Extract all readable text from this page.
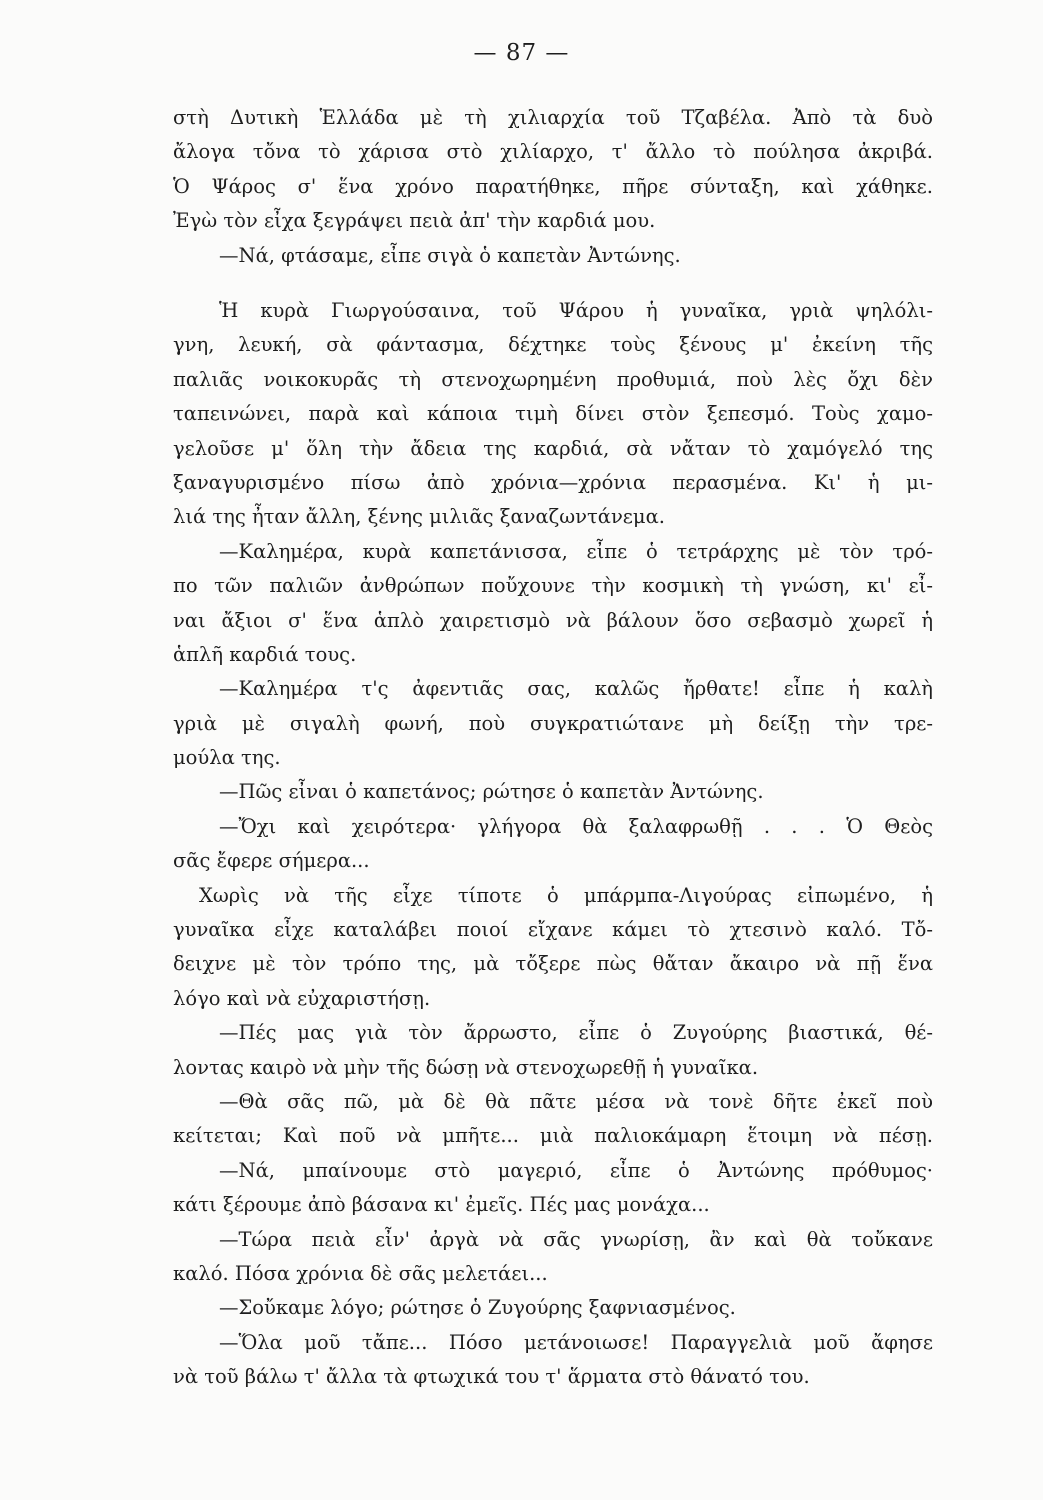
— 87 —
στὴ Δυτικὴ Ἑλλάδα μὲ τὴ χιλιαρχία τοῦ Τζαβέλα. Ἀπὸ τὰ δυὸ
ἄλογα τὄνα τὸ χάρισα στὸ χιλίαρχο, τ' ἄλλο τὸ πούλησα ἀκριβά.
Ὁ Ψάρος σ' ἕνα χρόνο παρατήθηκε, πῆρε σύνταξη, καὶ χάθηκε.
Ἐγὼ τὸν εἶχα ξεγράψει πειὰ ἀπ' τὴν καρδιά μου.
—Νά, φτάσαμε, εἶπε σιγὰ ὁ καπετὰν Ἀντώνης.
Ἡ κυρὰ Γιωργούσαινα, τοῦ Ψάρου ἡ γυναῖκα, γριὰ ψηλόλι-
γνη, λευκή, σὰ φάντασμα, δέχτηκε τοὺς ξένους μ' ἐκείνη τῆς
παλιᾶς νοικοκυρᾶς τὴ στενοχωρημένη προθυμιά, ποὺ λὲς ὄχι δὲν
ταπεινώνει, παρὰ καὶ κάποια τιμὴ δίνει στὸν ξεπεσμό. Τοὺς χαμο-
γελοῦσε μ' ὅλη τὴν ἄδεια της καρδιά, σὰ νἄταν τὸ χαμόγελό της
ξαναγυρισμένο πίσω ἀπὸ χρόνια—χρόνια περασμένα. Κι' ἡ μι-
λιά της ἦταν ἄλλη, ξένης μιλιᾶς ξαναζωντάνεμα.
—Καλημέρα, κυρὰ καπετάνισσα, εἶπε ὁ τετράρχης μὲ τὸν τρό-
πο τῶν παλιῶν ἀνθρώπων ποὔχουνε τὴν κοσμικὴ τὴ γνώση, κι' εἶ-
ναι ἄξιοι σ' ἕνα ἁπλὸ χαιρετισμὸ νὰ βάλουν ὅσο σεβασμὸ χωρεῖ ἡ
ἁπλῆ καρδιά τους.
—Καλημέρα τ'ς ἀφεντιᾶς σας, καλῶς ἤρθατε! εἶπε ἡ καλὴ
γριὰ μὲ σιγαλὴ φωνή, ποὺ συγκρατιώτανε μὴ δείξῃ τὴν τρε-
μούλα της.
—Πῶς εἶναι ὁ καπετάνος; ρώτησε ὁ καπετὰν Ἀντώνης.
—Ὄχι καὶ χειρότερα· γλήγορα θὰ ξαλαφρωθῇ . . . Ὁ Θεὸς
σᾶς ἔφερε σήμερα...
Χωρὶς νὰ τῆς εἶχε τίποτε ὁ μπάρμπα-Λιγούρας εἰπωμένο, ἡ
γυναῖκα εἶχε καταλάβει ποιοί εἴχανε κάμει τὸ χτεσινὸ καλό. Τὄ-
δειχνε μὲ τὸν τρόπο της, μὰ τὄξερε πὼς θἄταν ἄκαιρο νὰ πῇ ἕνα
λόγο καὶ νὰ εὐχαριστήσῃ.
—Πές μας γιὰ τὸν ἄρρωστο, εἶπε ὁ Ζυγούρης βιαστικά, θέ-
λοντας καιρὸ νὰ μὴν τῆς δώσῃ νὰ στενοχωρεθῇ ἡ γυναῖκα.
—Θὰ σᾶς πῶ, μὰ δὲ θὰ πᾶτε μέσα νὰ τονὲ δῆτε ἐκεῖ ποὺ
κείτεται; Καὶ ποῦ νὰ μπῆτε... μιὰ παλιοκάμαρη ἕτοιμη νὰ πέσῃ.
—Νά, μπαίνουμε στὸ μαγεριό, εἶπε ὁ Ἀντώνης πρόθυμος·
κάτι ξέρουμε ἀπὸ βάσανα κι' ἐμεῖς. Πές μας μονάχα...
—Τώρα πειὰ εἶν' ἀργὰ νὰ σᾶς γνωρίσῃ, ἂν καὶ θὰ τοὔκανε
καλό. Πόσα χρόνια δὲ σᾶς μελετάει...
—Σοὔκαμε λόγο; ρώτησε ὁ Ζυγούρης ξαφνιασμένος.
—Ὅλα μοῦ τἄπε... Πόσο μετάνοιωσε! Παραγγελιὰ μοῦ ἄφησε
νὰ τοῦ βάλω τ' ἄλλα τὰ φτωχικά του τ' ἅρματα στὸ θάνατό του.
